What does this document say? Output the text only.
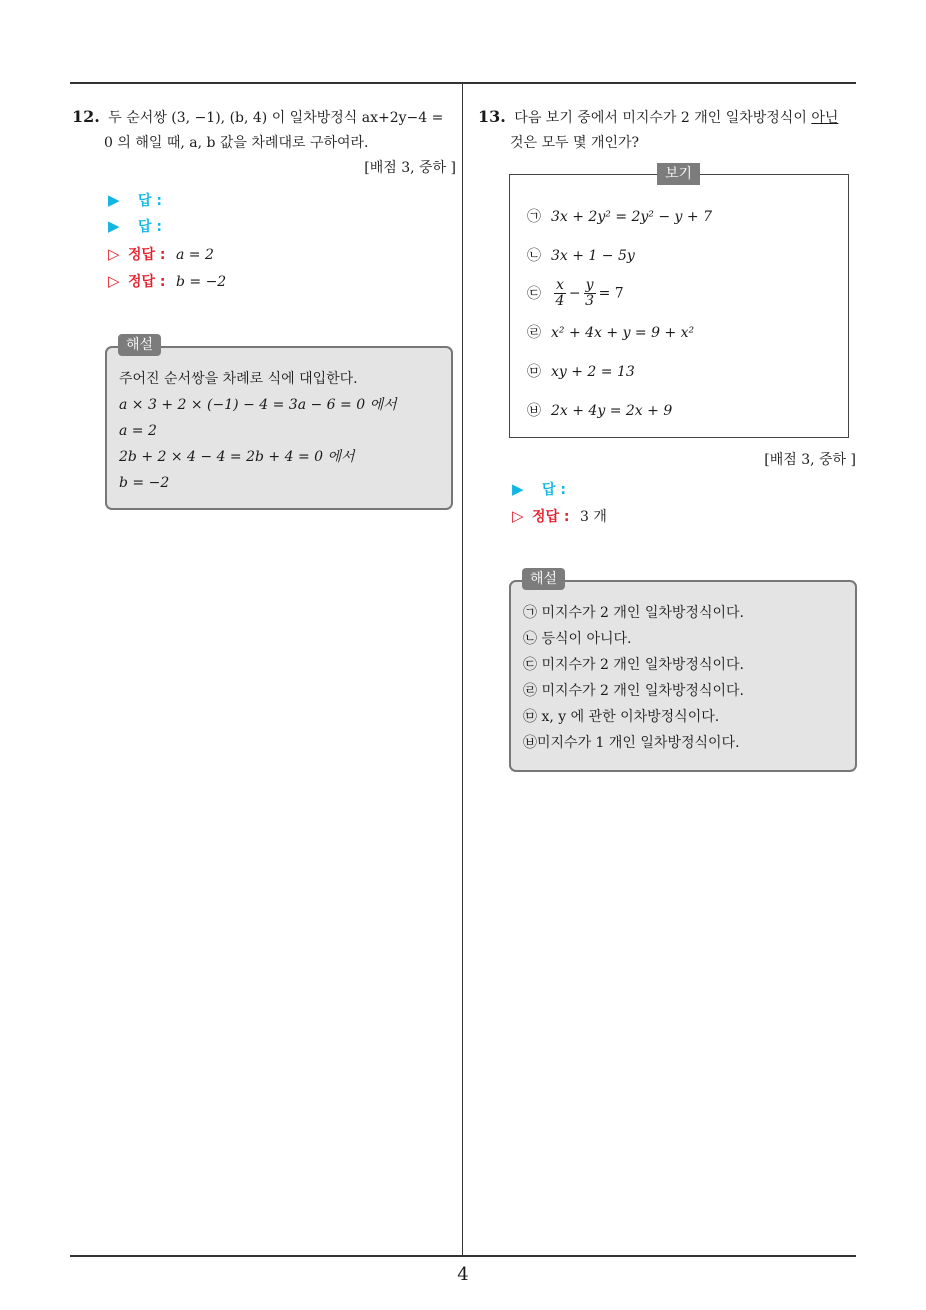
12. 두 순서쌍 (3, −1), (b, 4) 이 일차방정식 ax+2y−4 =
0 의 해일 때, a, b 값을 차례대로 구하여라.
[배점 3, 중하 ]
▶ 답 :
▶ 답 :
▷ 정답 : a = 2
▷ 정답 : b = −2
주어진 순서쌍을 차례로 식에 대입한다.
a × 3 + 2 × (−1) − 4 = 3a − 6 = 0 에서
a = 2
2b + 2 × 4 − 4 = 2b + 4 = 0 에서
b = −2
해설
13. 다음 보기 중에서 미지수가 2 개인 일차방정식이 아닌
것은 모두 몇 개인가?
보기
㉠ 3x + 2y² = 2y² − y + 7
㉡ 3x + 1 − 5y
㉢ $\frac{x}{4} - \frac{y}{3} = 7$
㉣ x² + 4x + y = 9 + x²
㉤ xy + 2 = 13
㉥ 2x + 4y = 2x + 9
[배점 3, 중하 ]
▶ 답 :
▷ 정답 : 3 개
㉠ 미지수가 2 개인 일차방정식이다.
㉡ 등식이 아니다.
㉢ 미지수가 2 개인 일차방정식이다.
㉣ 미지수가 2 개인 일차방정식이다.
㉤ x, y 에 관한 이차방정식이다.
㉥미지수가 1 개인 일차방정식이다.
해설
4
